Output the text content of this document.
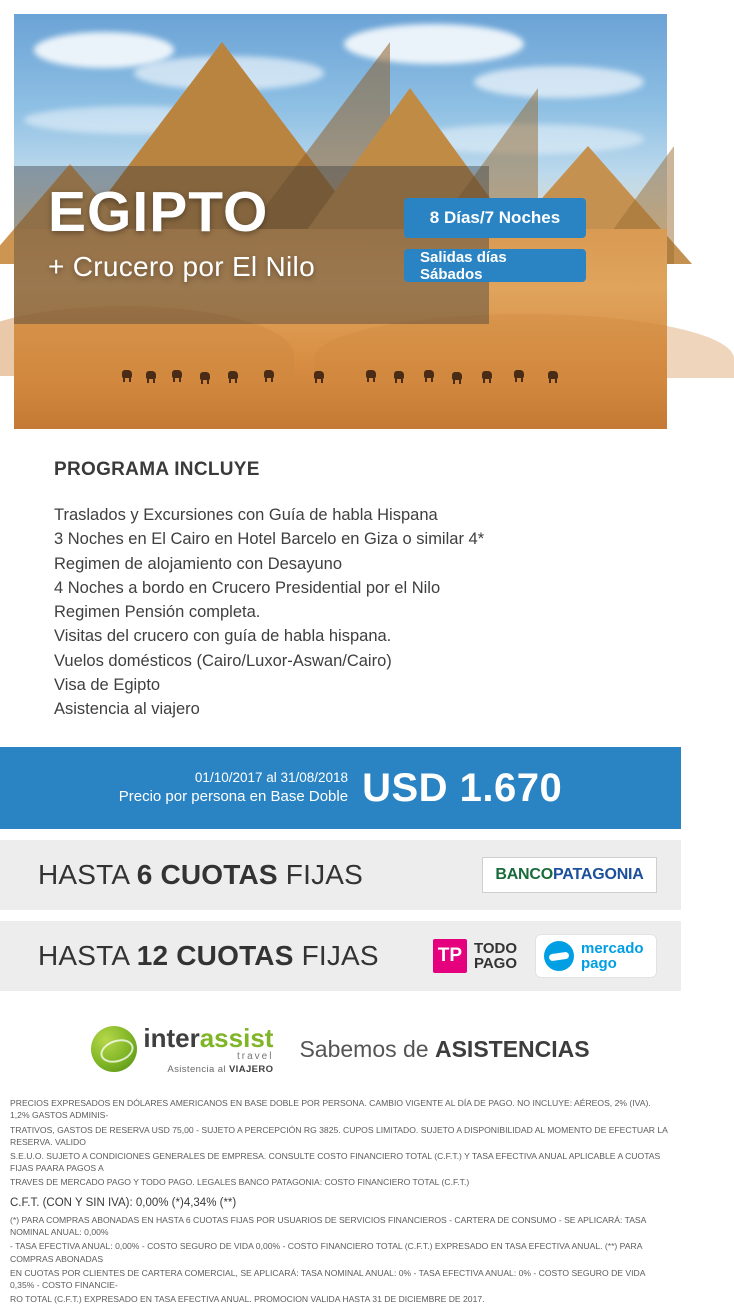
EGIPTO
+ Crucero por El Nilo
8 Días/7 Noches
Salidas días Sábados
PROGRAMA INCLUYE
Traslados y Excursiones con Guía de habla Hispana
3 Noches en El Cairo en Hotel Barcelo en Giza o similar 4*
Regimen de alojamiento con Desayuno
4 Noches a bordo en Crucero Presidential por el Nilo
Regimen Pensión completa.
Visitas del crucero con guía de habla hispana.
Vuelos domésticos (Cairo/Luxor-Aswan/Cairo)
Visa de Egipto
Asistencia al viajero
01/10/2017 al 31/08/2018
Precio por persona en Base Doble USD 1.670
HASTA 6 CUOTAS FIJAS	BANCO PATAGONIA
HASTA 12 CUOTAS FIJAS	TP TODO
PAGO
mercado
pago
interassist
travel
Asistencia al VIAJERO
Sabemos de ASISTENCIAS

PRECIOS EXPRESADOS EN DÓLARES AMERICANOS EN BASE DOBLE POR PERSONA. CAMBIO VIGENTE AL DÍA DE PAGO. NO INCLUYE: AÉREOS, 2% (IVA). 1,2% GASTOS ADMINIS-

TRATIVOS, GASTOS DE RESERVA USD 75,00 - SUJETO A PERCEPCIÓN RG 3825. CUPOS LIMITADO. SUJETO A DISPONIBILIDAD AL MOMENTO DE EFECTUAR LA RESERVA. VALIDO

S.E.U.O. SUJETO A CONDICIONES GENERALES DE EMPRESA. CONSULTE COSTO FINANCIERO TOTAL (C.F.T.) Y TASA EFECTIVA ANUAL APLICABLE A CUOTAS FIJAS PAARA PAGOS A

TRAVES DE MERCADO PAGO Y TODO PAGO. LEGALES BANCO PATAGONIA: COSTO FINANCIERO TOTAL (C.F.T.)

C.F.T. (CON Y SIN IVA): 0,00% (*)4,34% (**)

(*) PARA COMPRAS ABONADAS EN HASTA 6 CUOTAS FIJAS POR USUARIOS DE SERVICIOS FINANCIEROS - CARTERA DE CONSUMO - SE APLICARÁ: TASA NOMINAL ANUAL: 0,00%

- TASA EFECTIVA ANUAL: 0,00% - COSTO SEGURO DE VIDA 0,00% - COSTO FINANCIERO TOTAL (C.F.T.) EXPRESADO EN TASA EFECTIVA ANUAL. (**) PARA COMPRAS ABONADAS

EN CUOTAS POR CLIENTES DE CARTERA COMERCIAL, SE APLICARÁ: TASA NOMINAL ANUAL: 0% - TASA EFECTIVA ANUAL: 0% - COSTO SEGURO DE VIDA 0,35% - COSTO FINANCIE-

RO TOTAL (C.F.T.) EXPRESADO EN TASA EFECTIVA ANUAL. PROMOCION VALIDA HASTA 31 DE DICIEMBRE DE 2017.
